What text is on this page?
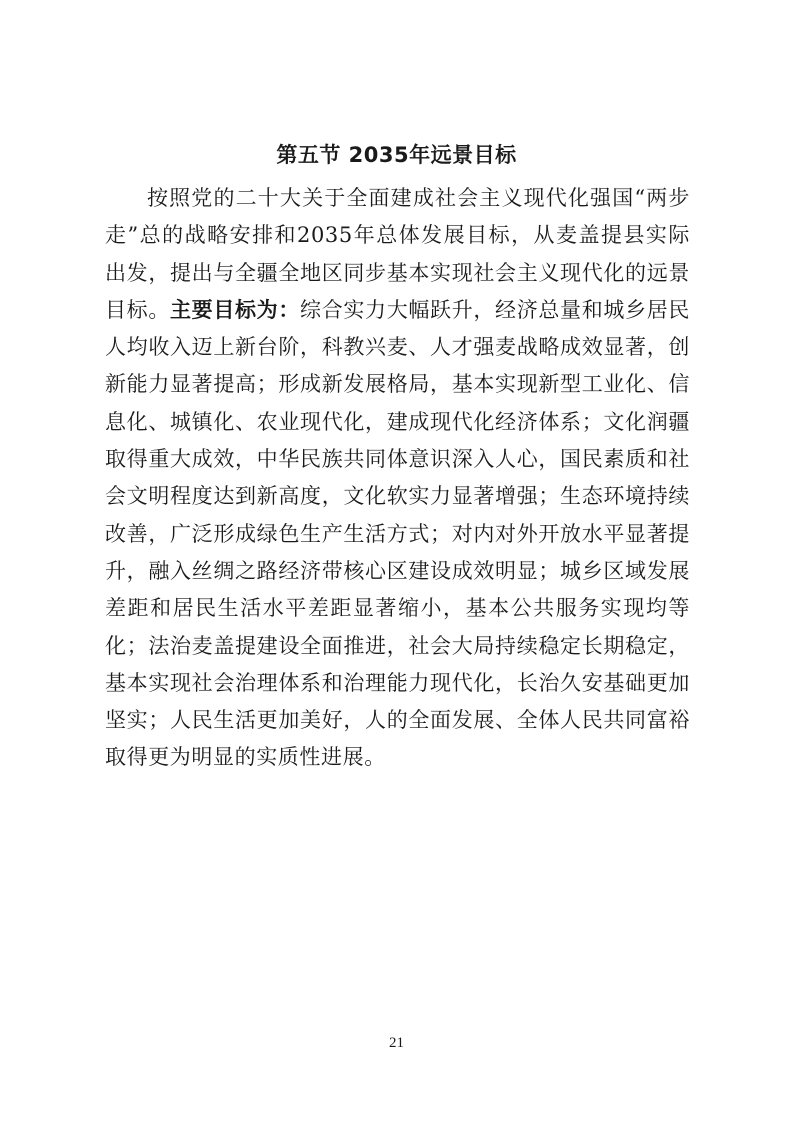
第五节 2035年远景目标

按照党的二十大关于全面建成社会主义现代化强国“两步走”总的战略安排和2035年总体发展目标，从麦盖提县实际出发，提出与全疆全地区同步基本实现社会主义现代化的远景目标。主要目标为：综合实力大幅跃升，经济总量和城乡居民人均收入迈上新台阶，科教兴麦、人才强麦战略成效显著，创新能力显著提高；形成新发展格局，基本实现新型工业化、信息化、城镇化、农业现代化，建成现代化经济体系；文化润疆取得重大成效，中华民族共同体意识深入人心，国民素质和社会文明程度达到新高度，文化软实力显著增强；生态环境持续改善，广泛形成绿色生产生活方式；对内对外开放水平显著提升，融入丝绸之路经济带核心区建设成效明显；城乡区域发展差距和居民生活水平差距显著缩小，基本公共服务实现均等化；法治麦盖提建设全面推进，社会大局持续稳定长期稳定，基本实现社会治理体系和治理能力现代化，长治久安基础更加坚实；人民生活更加美好，人的全面发展、全体人民共同富裕取得更为明显的实质性进展。

21
